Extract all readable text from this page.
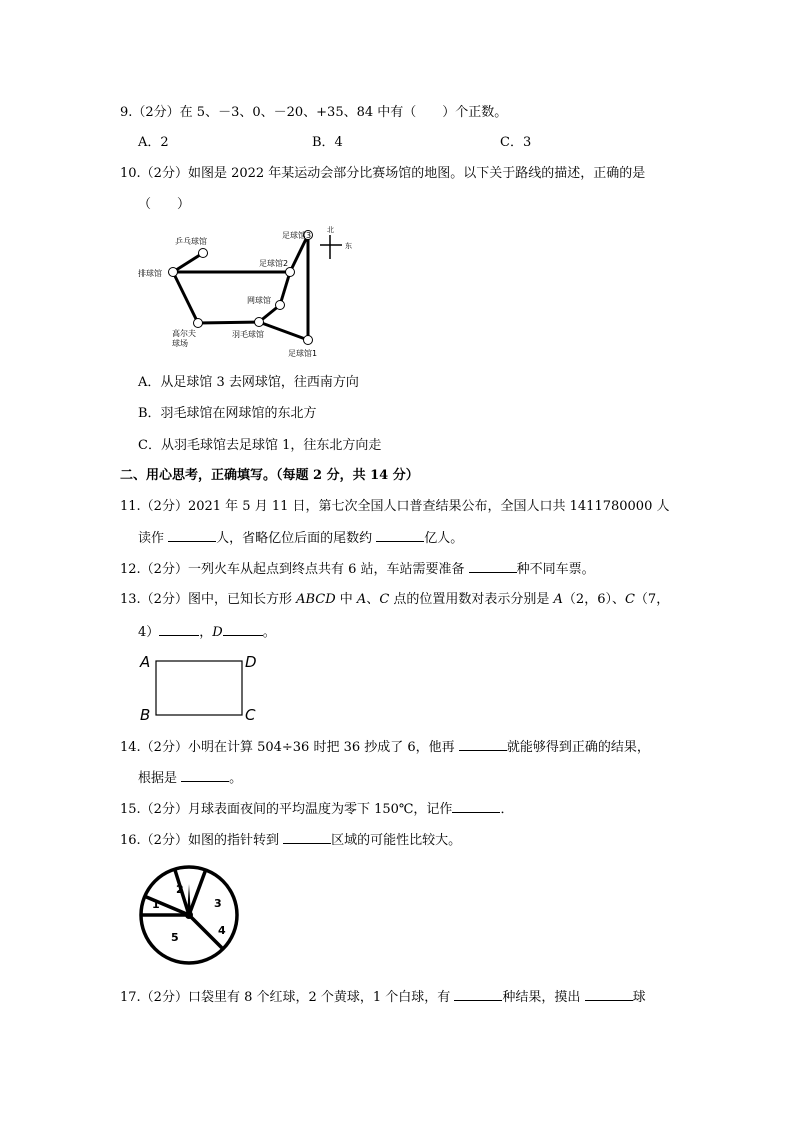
9.（2分）在 5、－3、0、－20、+35、84 中有（　　）个正数。
A．2	B．4	C．3
10.（2分）如图是 2022 年某运动会部分比赛场馆的地图。以下关于路线的描述，正确的是
（　　）
乒乓球馆
排球馆
高尔夫
球场
羽毛球馆
网球馆
足球馆2
足球馆3
足球馆1
北
东
A．从足球馆 3 去网球馆，往西南方向
B．羽毛球馆在网球馆的东北方
C．从羽毛球馆去足球馆 1，往东北方向走
二、用心思考，正确填写。（每题 2 分，共 14 分）
11.（2分）2021 年 5 月 11 日，第七次全国人口普查结果公布，全国人口共 1411780000 人
读作	人，省略亿位后面的尾数约	亿人。
12.（2分）一列火车从起点到终点共有 6 站，车站需要准备	种不同车票。
13.（2分）图中，已知长方形 ABCD 中 A、C 点的位置用数对表示分别是 A（2，6）、C（7，
4）	，D	。
A	D
B	C
14.（2分）小明在计算 504÷36 时把 36 抄成了 6，他再	就能够得到正确的结果，
根据是	。
15.（2分）月球表面夜间的平均温度为零下 150℃，记作	．
16.（2分）如图的指针转到	区域的可能性比较大。
1
2
3
4
5
17.（2分）口袋里有 8 个红球，2 个黄球，1 个白球，有	种结果，摸出	球
